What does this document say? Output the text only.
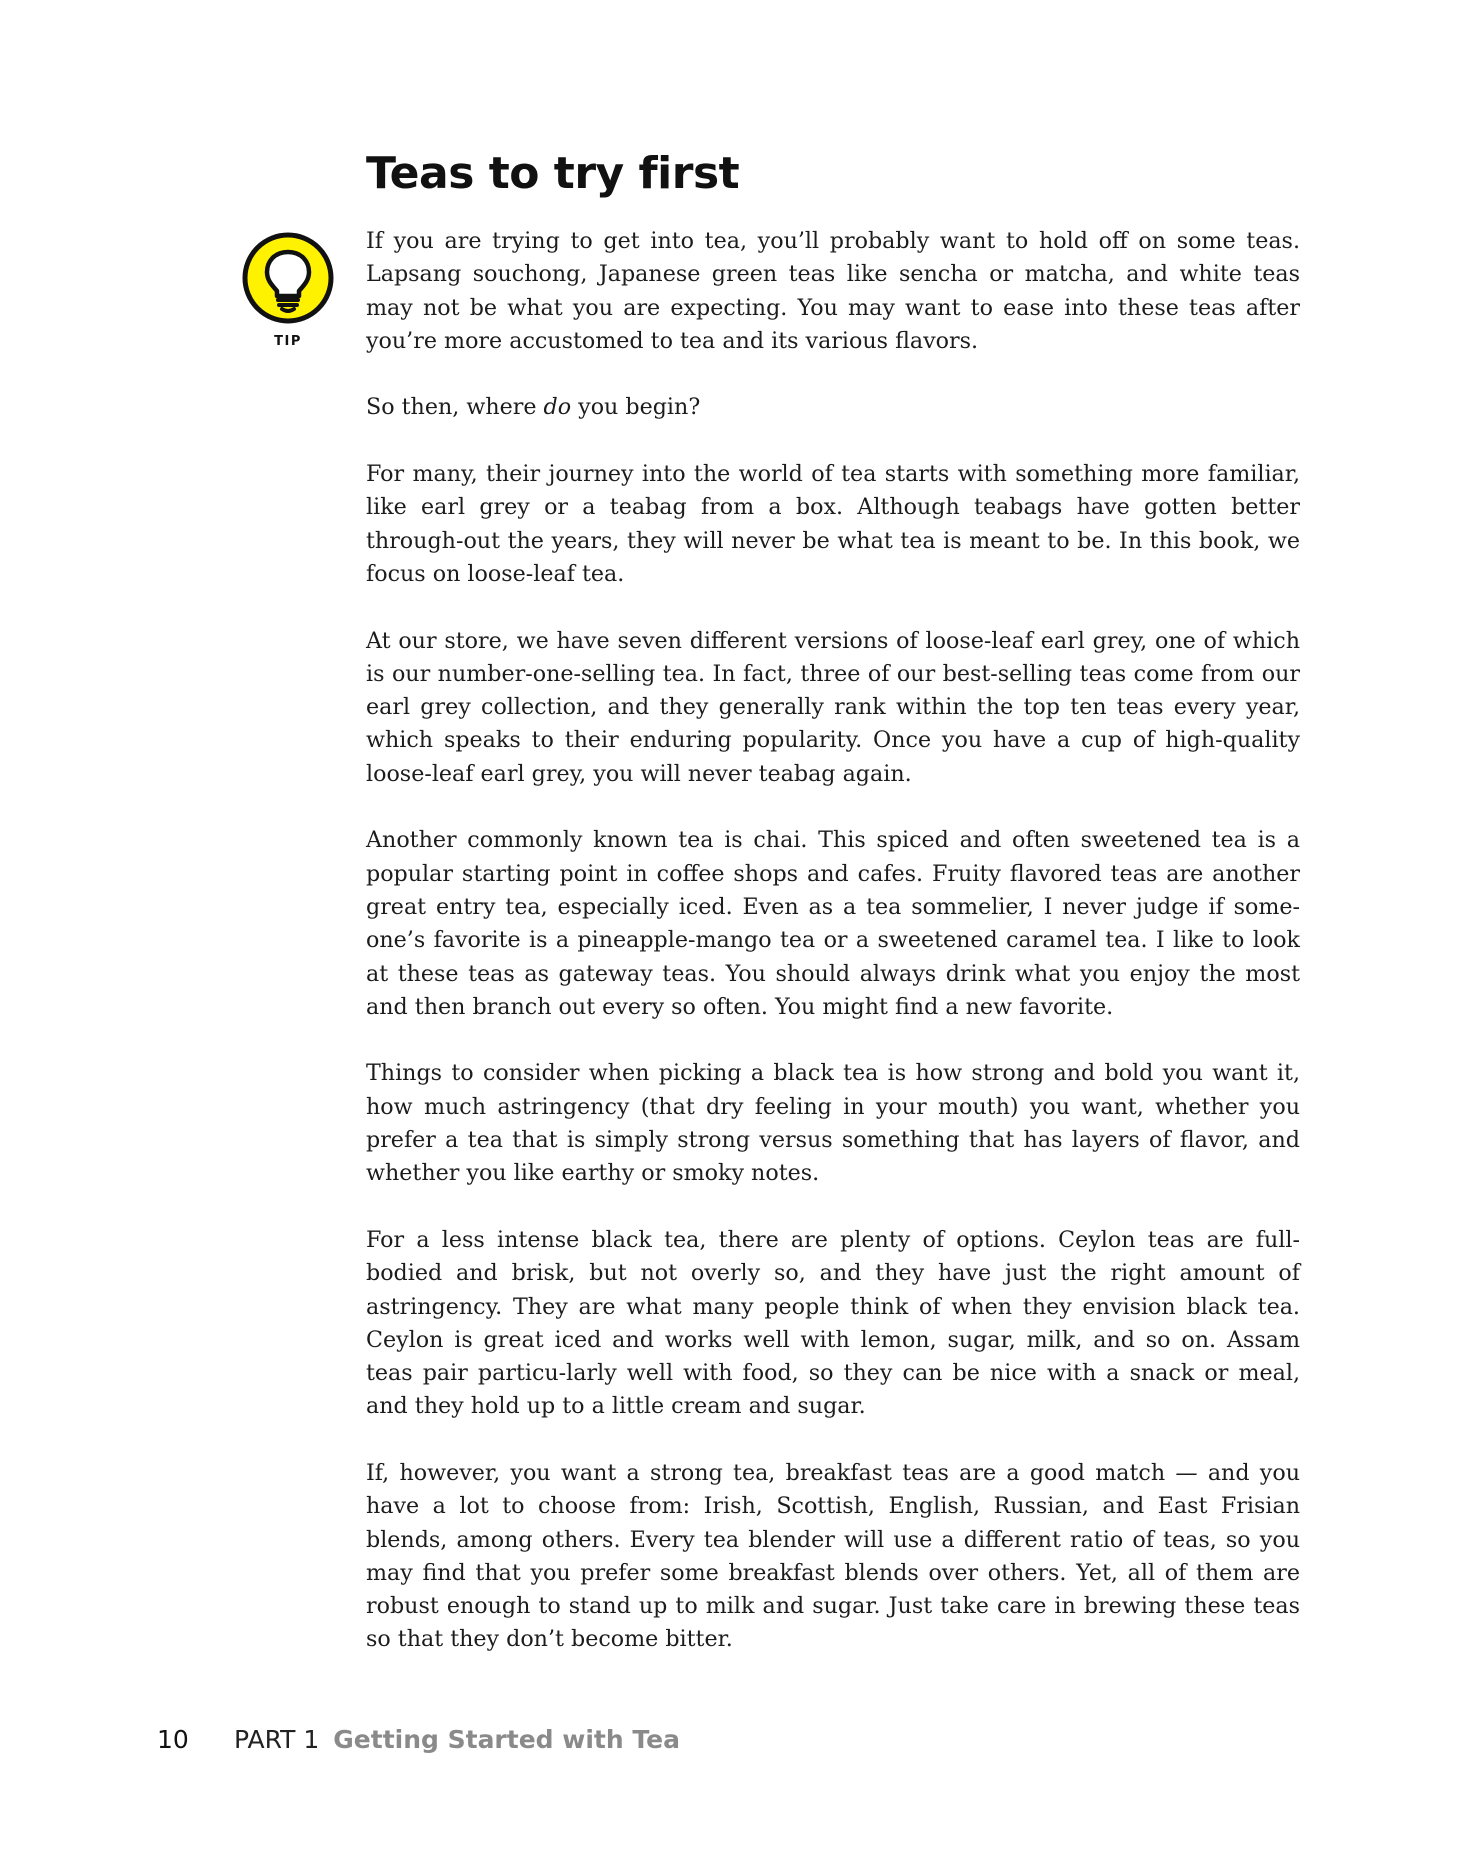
Teas to try first
TIP

If you are trying to get into tea, you’ll probably want to hold off on some teas. Lapsang souchong, Japanese green teas like sencha or matcha, and white teas may not be what you are expecting. You may want to ease into these teas after you’re more accustomed to tea and its various flavors.

So then, where do you begin?

For many, their journey into the world of tea starts with something more familiar, like earl grey or a teabag from a box. Although teabags have gotten better through-out the years, they will never be what tea is meant to be. In this book, we focus on loose-leaf tea.

At our store, we have seven different versions of loose-leaf earl grey, one of which is our number-one-selling tea. In fact, three of our best-selling teas come from our earl grey collection, and they generally rank within the top ten teas every year, which speaks to their enduring popularity. Once you have a cup of high-quality loose-leaf earl grey, you will never teabag again.

Another commonly known tea is chai. This spiced and often sweetened tea is a popular starting point in coffee shops and cafes. Fruity flavored teas are another great entry tea, especially iced. Even as a tea sommelier, I never judge if some-one’s favorite is a pineapple-mango tea or a sweetened caramel tea. I like to look at these teas as gateway teas. You should always drink what you enjoy the most and then branch out every so often. You might find a new favorite.

Things to consider when picking a black tea is how strong and bold you want it, how much astringency (that dry feeling in your mouth) you want, whether you prefer a tea that is simply strong versus something that has layers of flavor, and whether you like earthy or smoky notes.

For a less intense black tea, there are plenty of options. Ceylon teas are full-bodied and brisk, but not overly so, and they have just the right amount of astringency. They are what many people think of when they envision black tea. Ceylon is great iced and works well with lemon, sugar, milk, and so on. Assam teas pair particu-larly well with food, so they can be nice with a snack or meal, and they hold up to a little cream and sugar.

If, however, you want a strong tea, breakfast teas are a good match — and you have a lot to choose from: Irish, Scottish, English, Russian, and East Frisian blends, among others. Every tea blender will use a different ratio of teas, so you may find that you prefer some breakfast blends over others. Yet, all of them are robust enough to stand up to milk and sugar. Just take care in brewing these teas so that they don’t become bitter.

10 PART 1 Getting Started with Tea
